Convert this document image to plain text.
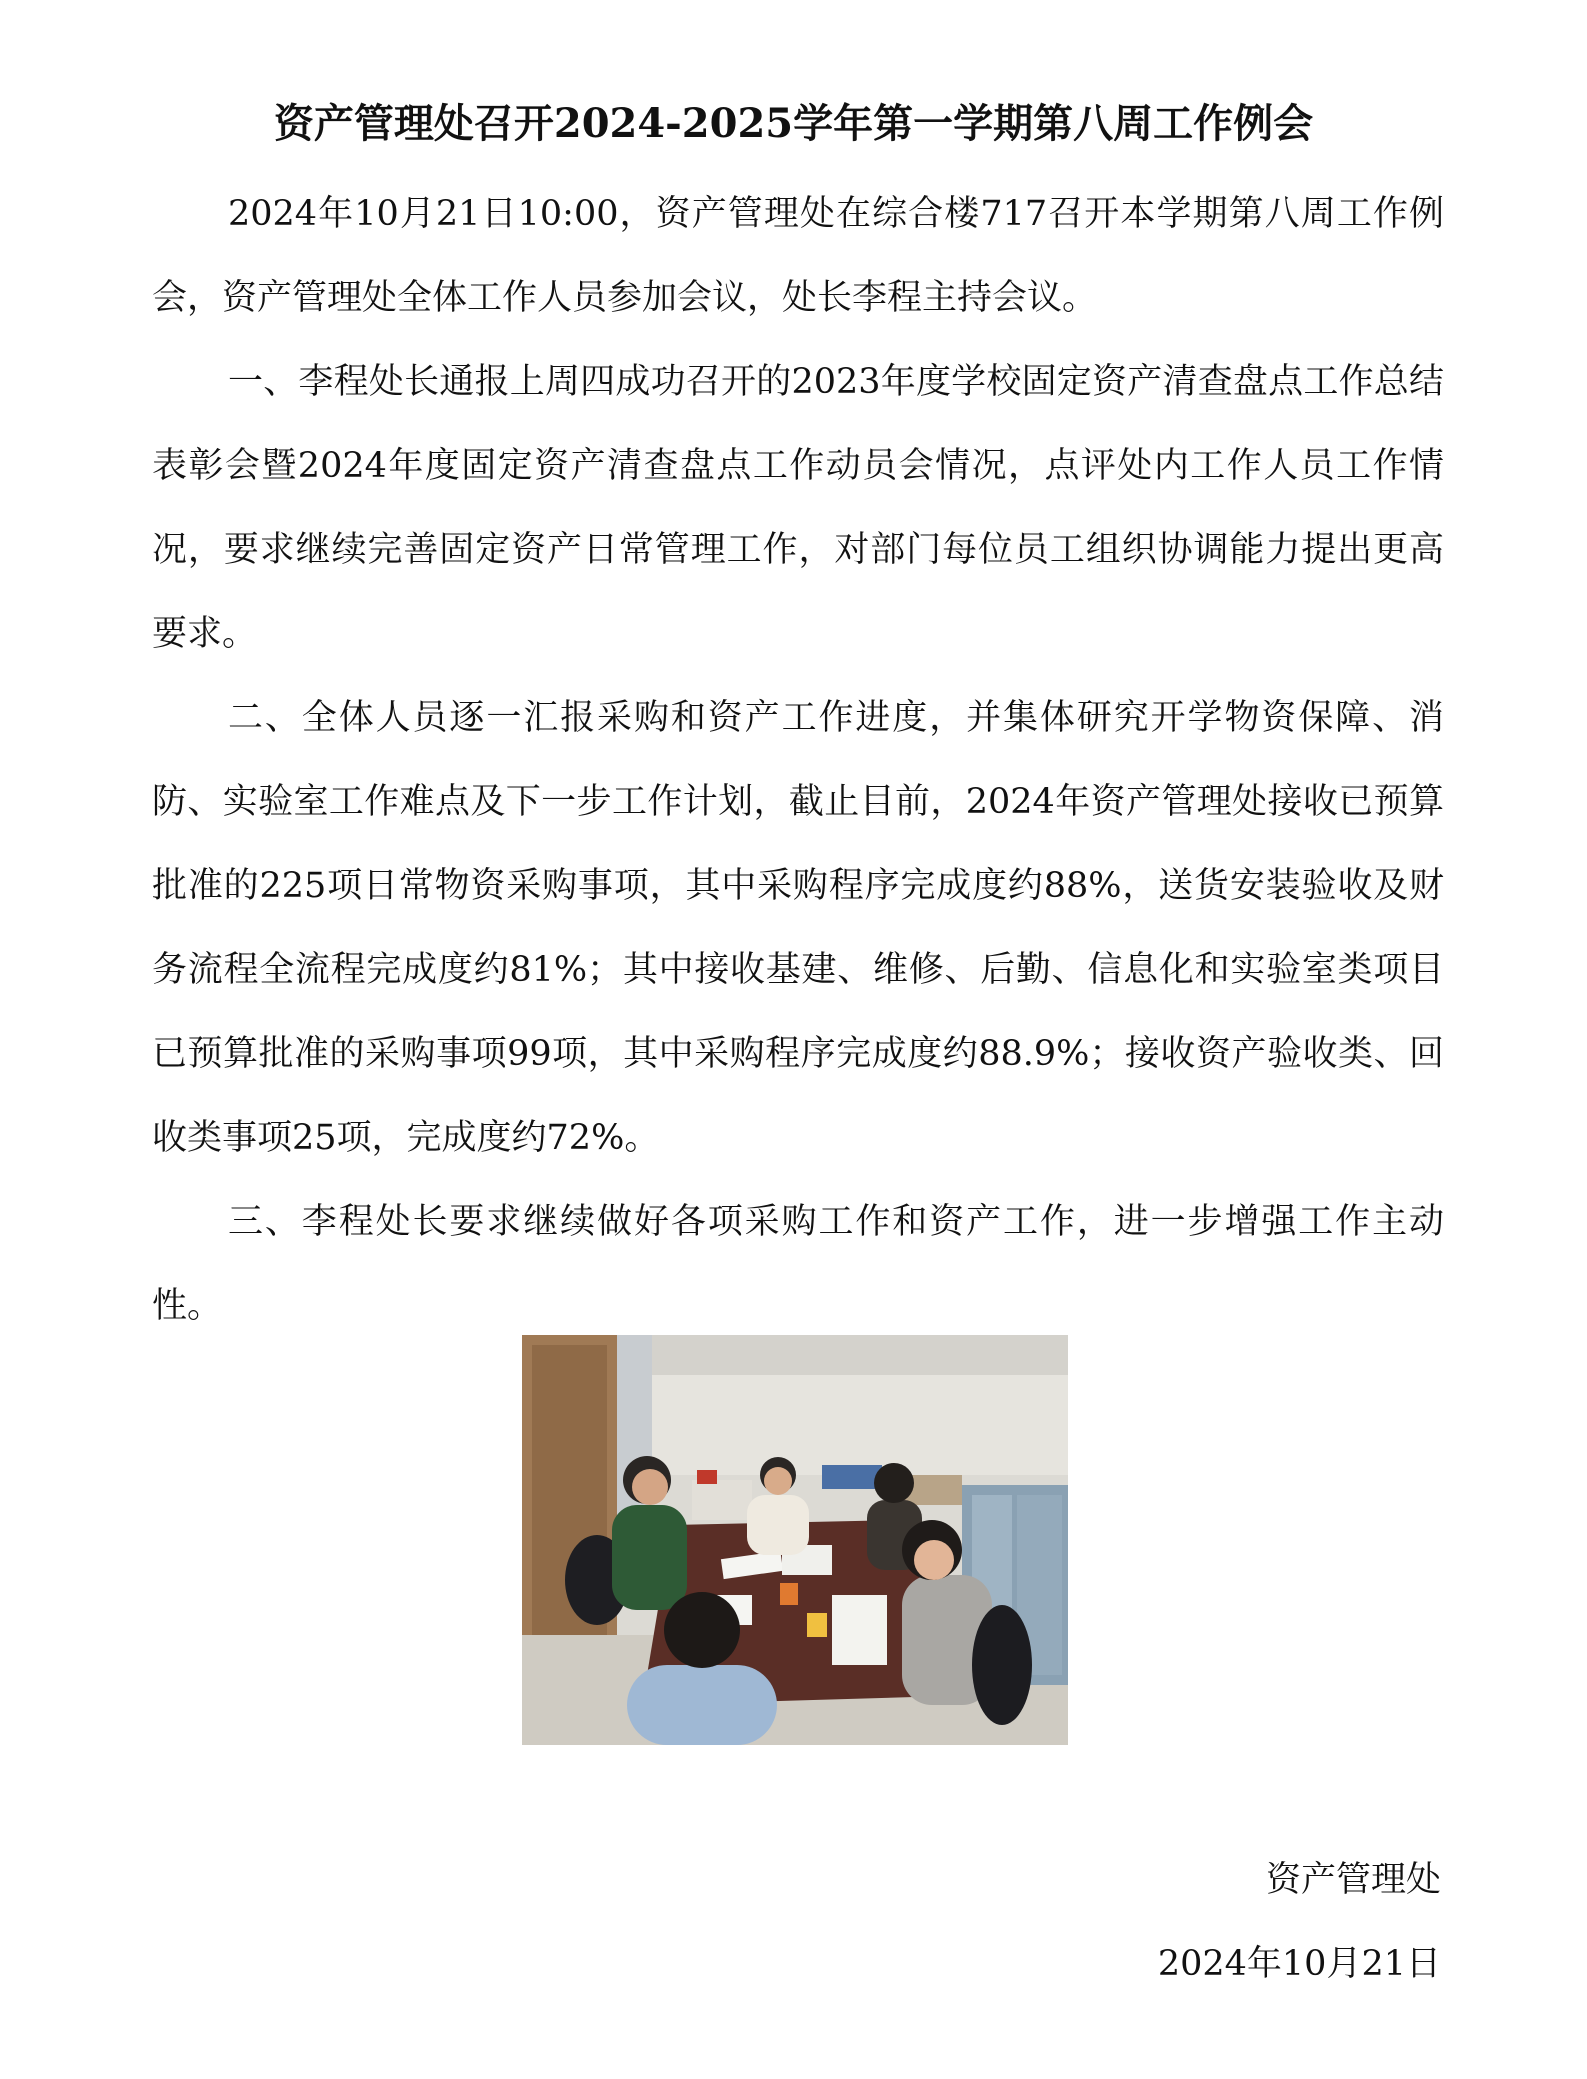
资产管理处召开2024-2025学年第一学期第八周工作例会

2024年10月21日10:00，资产管理处在综合楼717召开本学期第八周工作例会，资产管理处全体工作人员参加会议，处长李程主持会议。

一、李程处长通报上周四成功召开的2023年度学校固定资产清查盘点工作总结表彰会暨2024年度固定资产清查盘点工作动员会情况，点评处内工作人员工作情况，要求继续完善固定资产日常管理工作，对部门每位员工组织协调能力提出更高要求。

二、全体人员逐一汇报采购和资产工作进度，并集体研究开学物资保障、消防、实验室工作难点及下一步工作计划，截止目前，2024年资产管理处接收已预算批准的225项日常物资采购事项，其中采购程序完成度约88%，送货安装验收及财务流程全流程完成度约81%；其中接收基建、维修、后勤、信息化和实验室类项目已预算批准的采购事项99项，其中采购程序完成度约88.9%；接收资产验收类、回收类事项25项，完成度约72%。

三、李程处长要求继续做好各项采购工作和资产工作，进一步增强工作主动性。

资产管理处

2024年10月21日
